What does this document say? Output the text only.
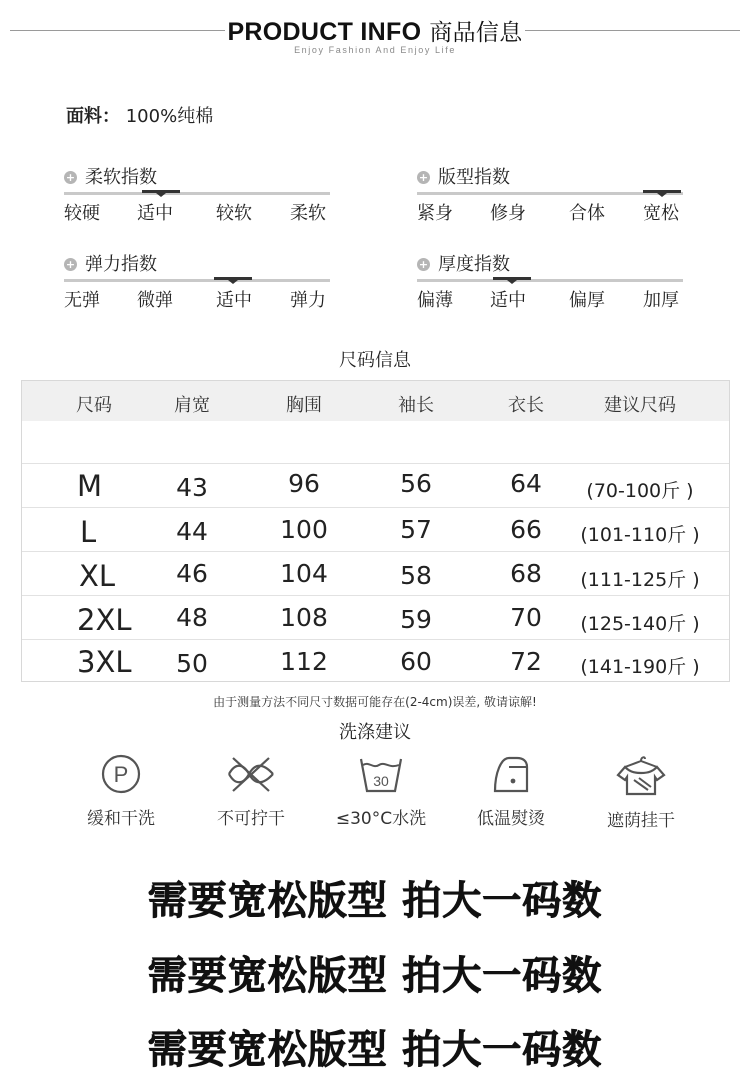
PRODUCT INFO 商品信息
Enjoy Fashion And Enjoy Life
面料： 100%纯棉
+ 柔软指数
较硬 适中 较软 柔软
+ 版型指数
紧身 修身 合体 宽松
+ 弹力指数
无弹 微弹 适中 弹力
+ 厚度指数
偏薄 适中 偏厚 加厚
尺码信息
尺码	肩宽	胸围	袖长	衣长	建议尺码
M	43	96	56	64	(70-100斤 )
L	44	100	57	66	(101-110斤 )
XL	46	104	58	68	(111-125斤 )
2XL	48	108	59	70	(125-140斤 )
3XL	50	112	60	72	(141-190斤 )
由于测量方法不同尺寸数据可能存在(2-4cm)误差, 敬请谅解!
洗涤建议
P
缓和干洗	不可拧干
30
≤30°C水洗	低温熨烫	遮荫挂干
需要宽松版型 拍大一码数
需要宽松版型 拍大一码数
需要宽松版型 拍大一码数
